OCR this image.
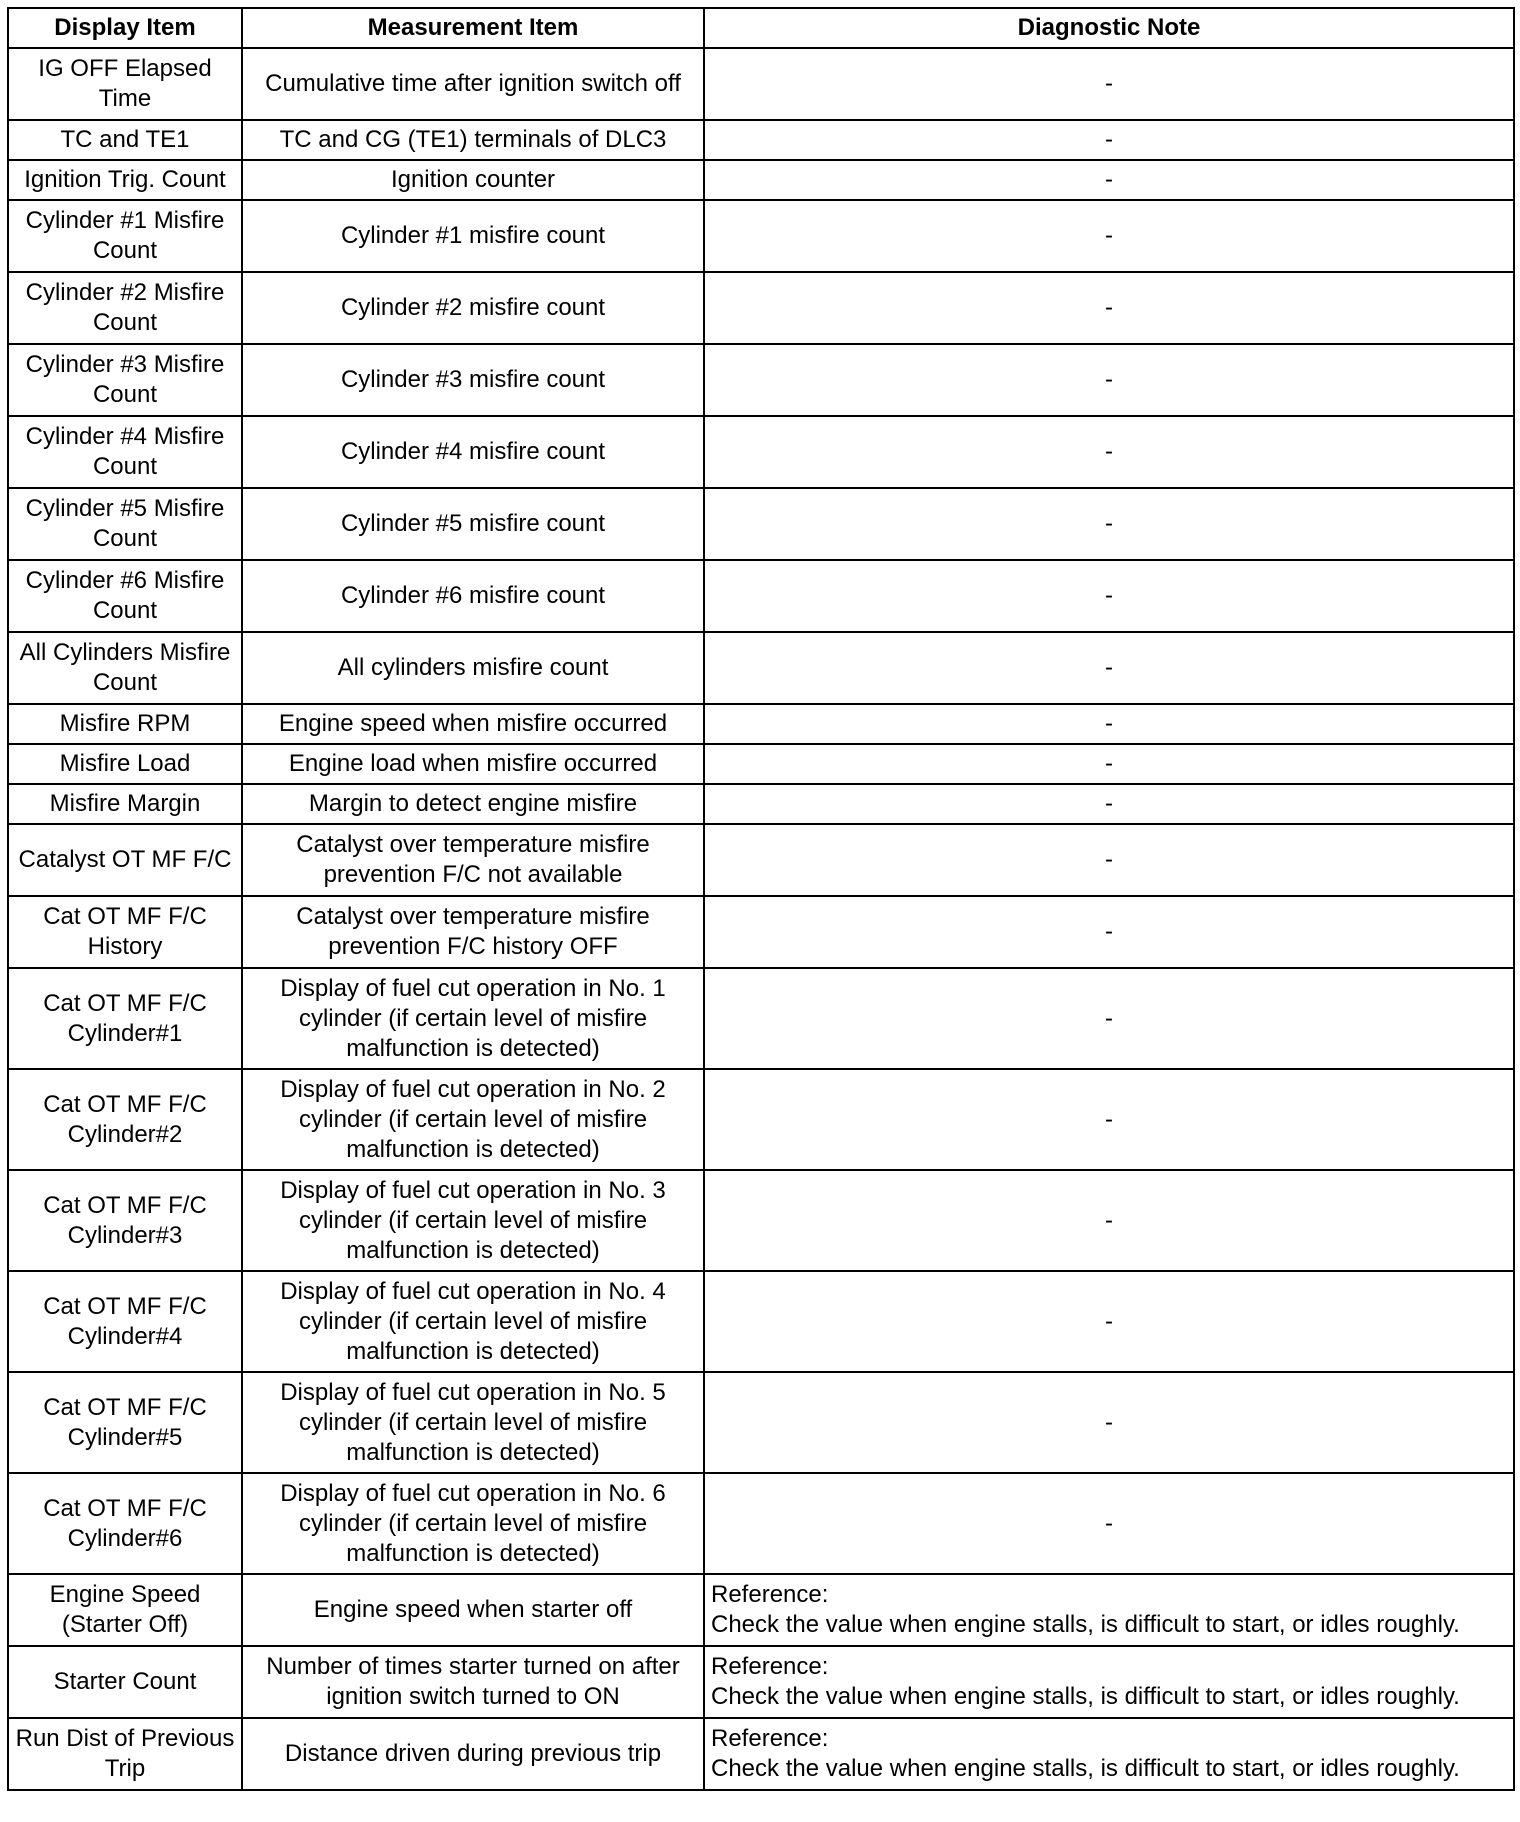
Display Item	Measurement Item	Diagnostic Note
IG OFF Elapsed Time	Cumulative time after ignition switch off	-
TC and TE1	TC and CG (TE1) terminals of DLC3	-
Ignition Trig. Count	Ignition counter	-
Cylinder #1 Misfire Count	Cylinder #1 misfire count	-
Cylinder #2 Misfire Count	Cylinder #2 misfire count	-
Cylinder #3 Misfire Count	Cylinder #3 misfire count	-
Cylinder #4 Misfire Count	Cylinder #4 misfire count	-
Cylinder #5 Misfire Count	Cylinder #5 misfire count	-
Cylinder #6 Misfire Count	Cylinder #6 misfire count	-
All Cylinders Misfire Count	All cylinders misfire count	-
Misfire RPM	Engine speed when misfire occurred	-
Misfire Load	Engine load when misfire occurred	-
Misfire Margin	Margin to detect engine misfire	-
Catalyst OT MF F/C	Catalyst over temperature misfire prevention F/C not available	-
Cat OT MF F/C History	Catalyst over temperature misfire prevention F/C history OFF	-
Cat OT MF F/C Cylinder#1	Display of fuel cut operation in No. 1 cylinder (if certain level of misfire malfunction is detected)	-
Cat OT MF F/C Cylinder#2	Display of fuel cut operation in No. 2 cylinder (if certain level of misfire malfunction is detected)	-
Cat OT MF F/C Cylinder#3	Display of fuel cut operation in No. 3 cylinder (if certain level of misfire malfunction is detected)	-
Cat OT MF F/C Cylinder#4	Display of fuel cut operation in No. 4 cylinder (if certain level of misfire malfunction is detected)	-
Cat OT MF F/C Cylinder#5	Display of fuel cut operation in No. 5 cylinder (if certain level of misfire malfunction is detected)	-
Cat OT MF F/C Cylinder#6	Display of fuel cut operation in No. 6 cylinder (if certain level of misfire malfunction is detected)	-
Engine Speed (Starter Off)	Engine speed when starter off	Reference:
Check the value when engine stalls, is difficult to start, or idles roughly.

Starter Count	Number of times starter turned on after ignition switch turned to ON	Reference:
Check the value when engine stalls, is difficult to start, or idles roughly.

Run Dist of Previous Trip	Distance driven during previous trip	Reference:
Check the value when engine stalls, is difficult to start, or idles roughly.
